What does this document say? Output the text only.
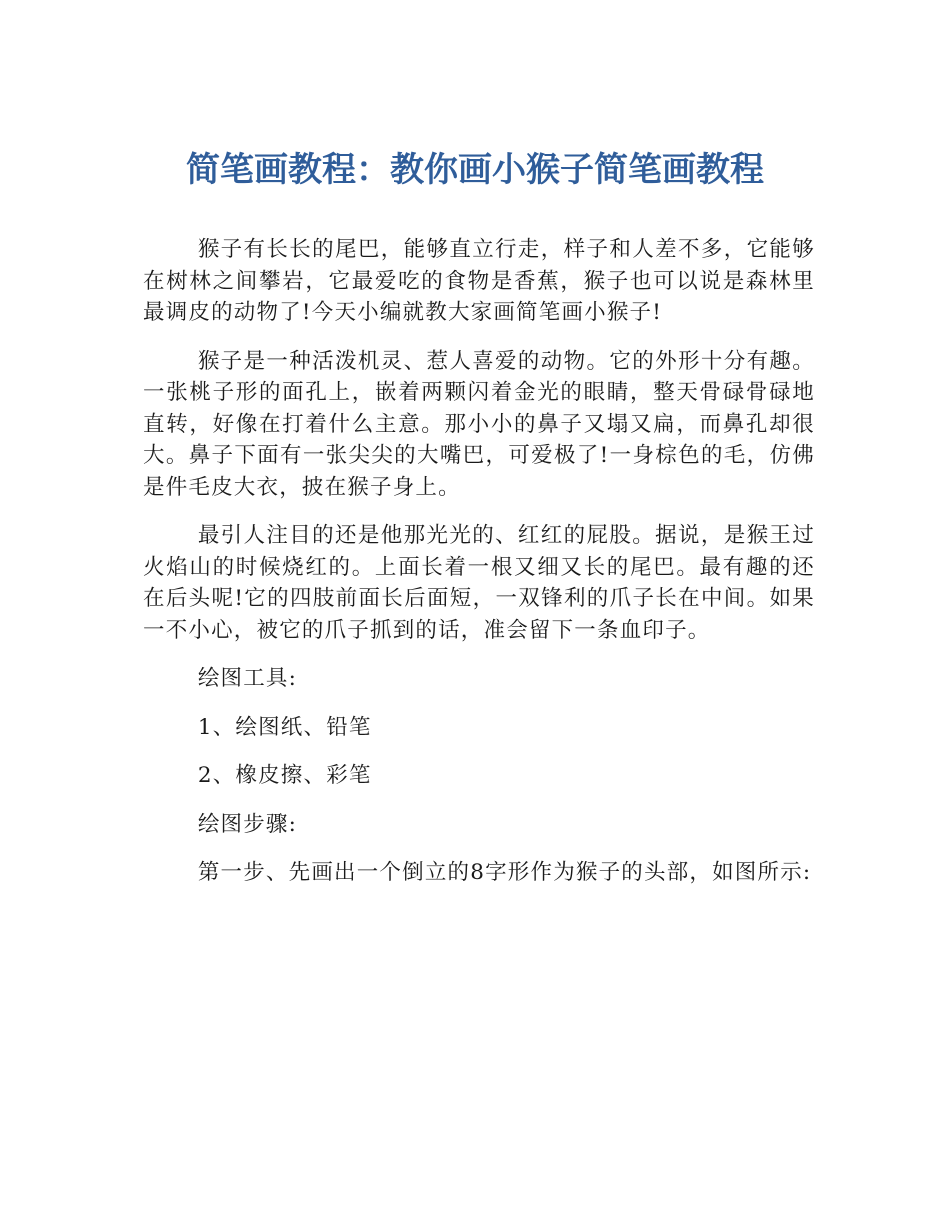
简笔画教程：教你画小猴子简笔画教程

猴子有长长的尾巴，能够直立行走，样子和人差不多，它能够在树林之间攀岩，它最爱吃的食物是香蕉，猴子也可以说是森林里最调皮的动物了!今天小编就教大家画简笔画小猴子!

猴子是一种活泼机灵、惹人喜爱的动物。它的外形十分有趣。一张桃子形的面孔上，嵌着两颗闪着金光的眼睛，整天骨碌骨碌地直转，好像在打着什么主意。那小小的鼻子又塌又扁，而鼻孔却很大。鼻子下面有一张尖尖的大嘴巴，可爱极了!一身棕色的毛，仿佛是件毛皮大衣，披在猴子身上。

最引人注目的还是他那光光的、红红的屁股。据说，是猴王过火焰山的时候烧红的。上面长着一根又细又长的尾巴。最有趣的还在后头呢!它的四肢前面长后面短，一双锋利的爪子长在中间。如果一不小心，被它的爪子抓到的话，准会留下一条血印子。

绘图工具:

1、绘图纸、铅笔

2、橡皮擦、彩笔

绘图步骤:

第一步、先画出一个倒立的8字形作为猴子的头部，如图所示:
